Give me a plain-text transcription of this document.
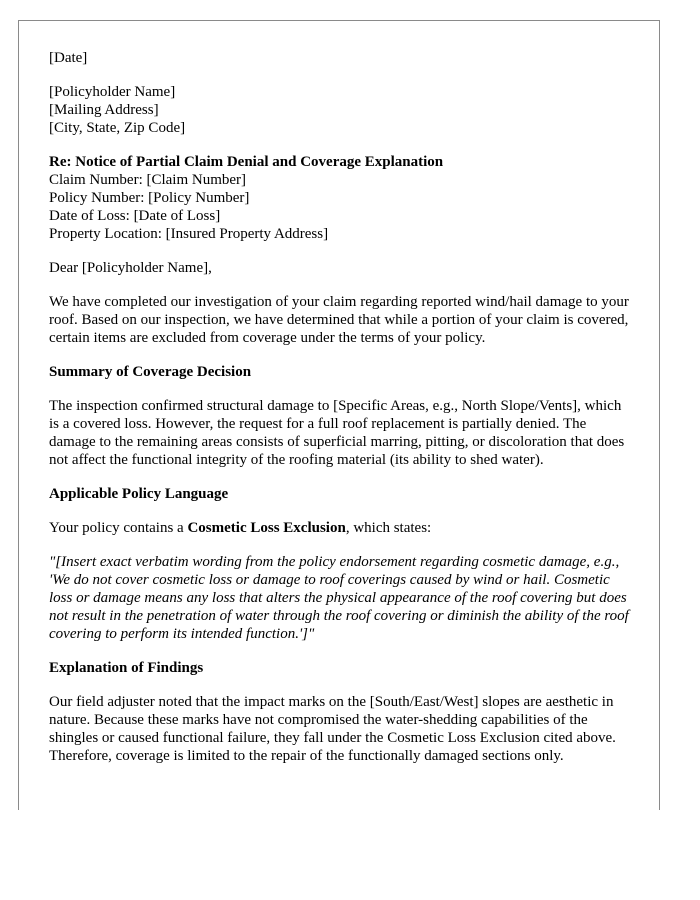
[Date]
[Policyholder Name]
[Mailing Address]
[City, State, Zip Code]
Re: Notice of Partial Claim Denial and Coverage Explanation
Claim Number: [Claim Number]
Policy Number: [Policy Number]
Date of Loss: [Date of Loss]
Property Location: [Insured Property Address]

Dear [Policyholder Name],

We have completed our investigation of your claim regarding reported wind/hail damage to your roof. Based on our inspection, we have determined that while a portion of your claim is covered, certain items are excluded from coverage under the terms of your policy.

Summary of Coverage Decision

The inspection confirmed structural damage to [Specific Areas, e.g., North Slope/Vents], which is a covered loss. However, the request for a full roof replacement is partially denied. The damage to the remaining areas consists of superficial marring, pitting, or discoloration that does not affect the functional integrity of the roofing material (its ability to shed water).

Applicable Policy Language

Your policy contains a Cosmetic Loss Exclusion, which states:

"[Insert exact verbatim wording from the policy endorsement regarding cosmetic damage, e.g., 'We do not cover cosmetic loss or damage to roof coverings caused by wind or hail. Cosmetic loss or damage means any loss that alters the physical appearance of the roof covering but does not result in the penetration of water through the roof covering or diminish the ability of the roof covering to perform its intended function.']"

Explanation of Findings

Our field adjuster noted that the impact marks on the [South/East/West] slopes are aesthetic in nature. Because these marks have not compromised the water-shedding capabilities of the shingles or caused functional failure, they fall under the Cosmetic Loss Exclusion cited above. Therefore, coverage is limited to the repair of the functionally damaged sections only.
